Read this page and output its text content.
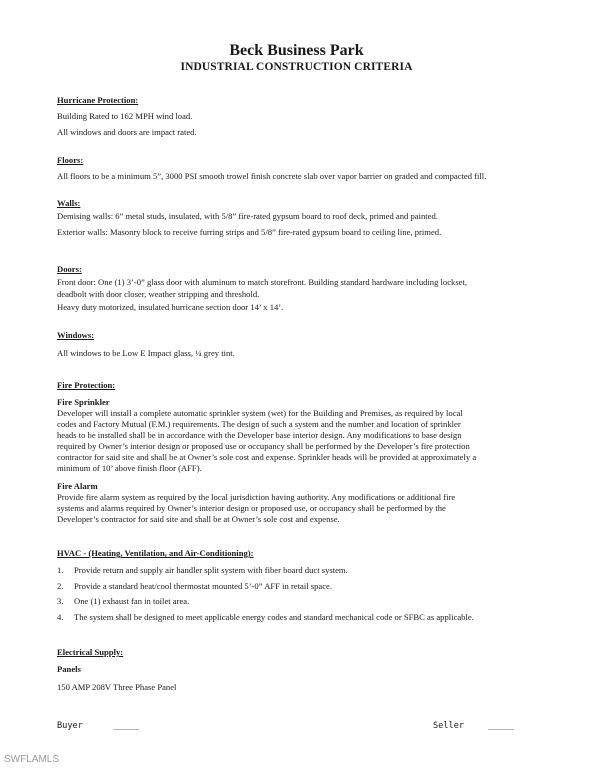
Beck Business Park
INDUSTRIAL CONSTRUCTION CRITERIA
Hurricane Protection:
Building Rated to 162 MPH wind load.
All windows and doors are impact rated.
Floors:
All floors to be a minimum 5”, 3000 PSI smooth trowel finish concrete slab over vapor barrier on graded and compacted fill.
Walls:
Demising walls: 6” metal studs, insulated, with 5/8” fire-rated gypsum board to roof deck, primed and painted.
Exterior walls: Masonry block to receive furring strips and 5/8” fire-rated gypsum board to ceiling line, primed.
Doors:
Front door: One (1) 3’-0” glass door with aluminum to match storefront. Building standard hardware including lockset,
deadbolt with door closer, weather stripping and threshold.
Heavy duty motorized, insulated hurricane section door 14’ x 14’.
Windows:
All windows to be Low E Impact glass, ¼ grey tint.
Fire Protection:
Fire Sprinkler
Developer will install a complete automatic sprinkler system (wet) for the Building and Premises, as required by local
codes and Factory Mutual (F.M.) requirements. The design of such a system and the number and location of sprinkler
heads to be installed shall be in accordance with the Developer base interior design. Any modifications to base design
required by Owner’s interior design or proposed use or occupancy shall be performed by the Developer’s fire protection
contractor for said site and shall be at Owner’s sole cost and expense. Sprinkler heads will be provided at approximately a
minimum of 10’ above finish floor (AFF).
Fire Alarm
Provide fire alarm system as required by the local jurisdiction having authority. Any modifications or additional fire
systems and alarms required by Owner’s interior design or proposed use, or occupancy shall be performed by the
Developer’s contractor for said site and shall be at Owner’s sole cost and expense.
HVAC - (Heating, Ventilation, and Air-Conditioning):
1.	Provide return and supply air handler split system with fiber board duct system.
2.	Provide a standard heat/cool thermostat mounted 5’-0” AFF in retail space.
3.	One (1) exhaust fan in toilet area.
4.	The system shall be designed to meet applicable energy codes and standard mechanical code or SFBC as applicable.
Electrical Supply:
Panels
150 AMP 208V Three Phase Panel
Buyer	_____	Seller	_____
SWFLAMLS
